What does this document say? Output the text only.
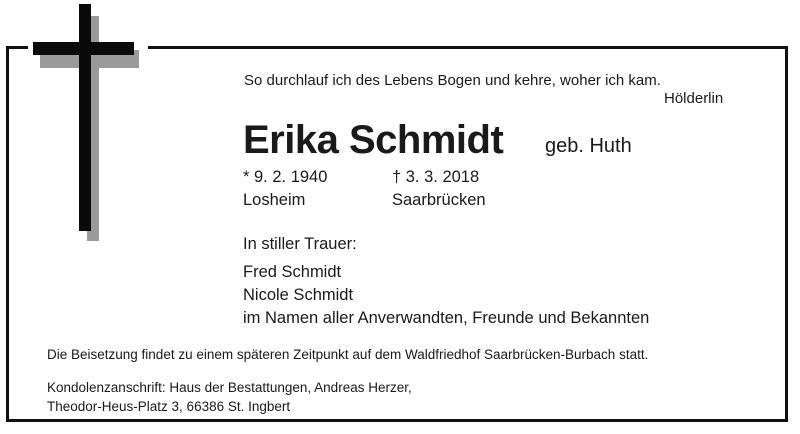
So durchlauf ich des Lebens Bogen und kehre, woher ich kam.
Hölderlin
Erika Schmidt geb. Huth
* 9. 2. 1940	† 3. 3. 2018
Losheim	Saarbrücken
In stiller Trauer:
Fred Schmidt
Nicole Schmidt
im Namen aller Anverwandten, Freunde und Bekannten
Die Beisetzung findet zu einem späteren Zeitpunkt auf dem Waldfriedhof Saarbrücken-Burbach statt.
Kondolenzanschrift: Haus der Bestattungen, Andreas Herzer,
Theodor-Heus-Platz 3, 66386 St. Ingbert
